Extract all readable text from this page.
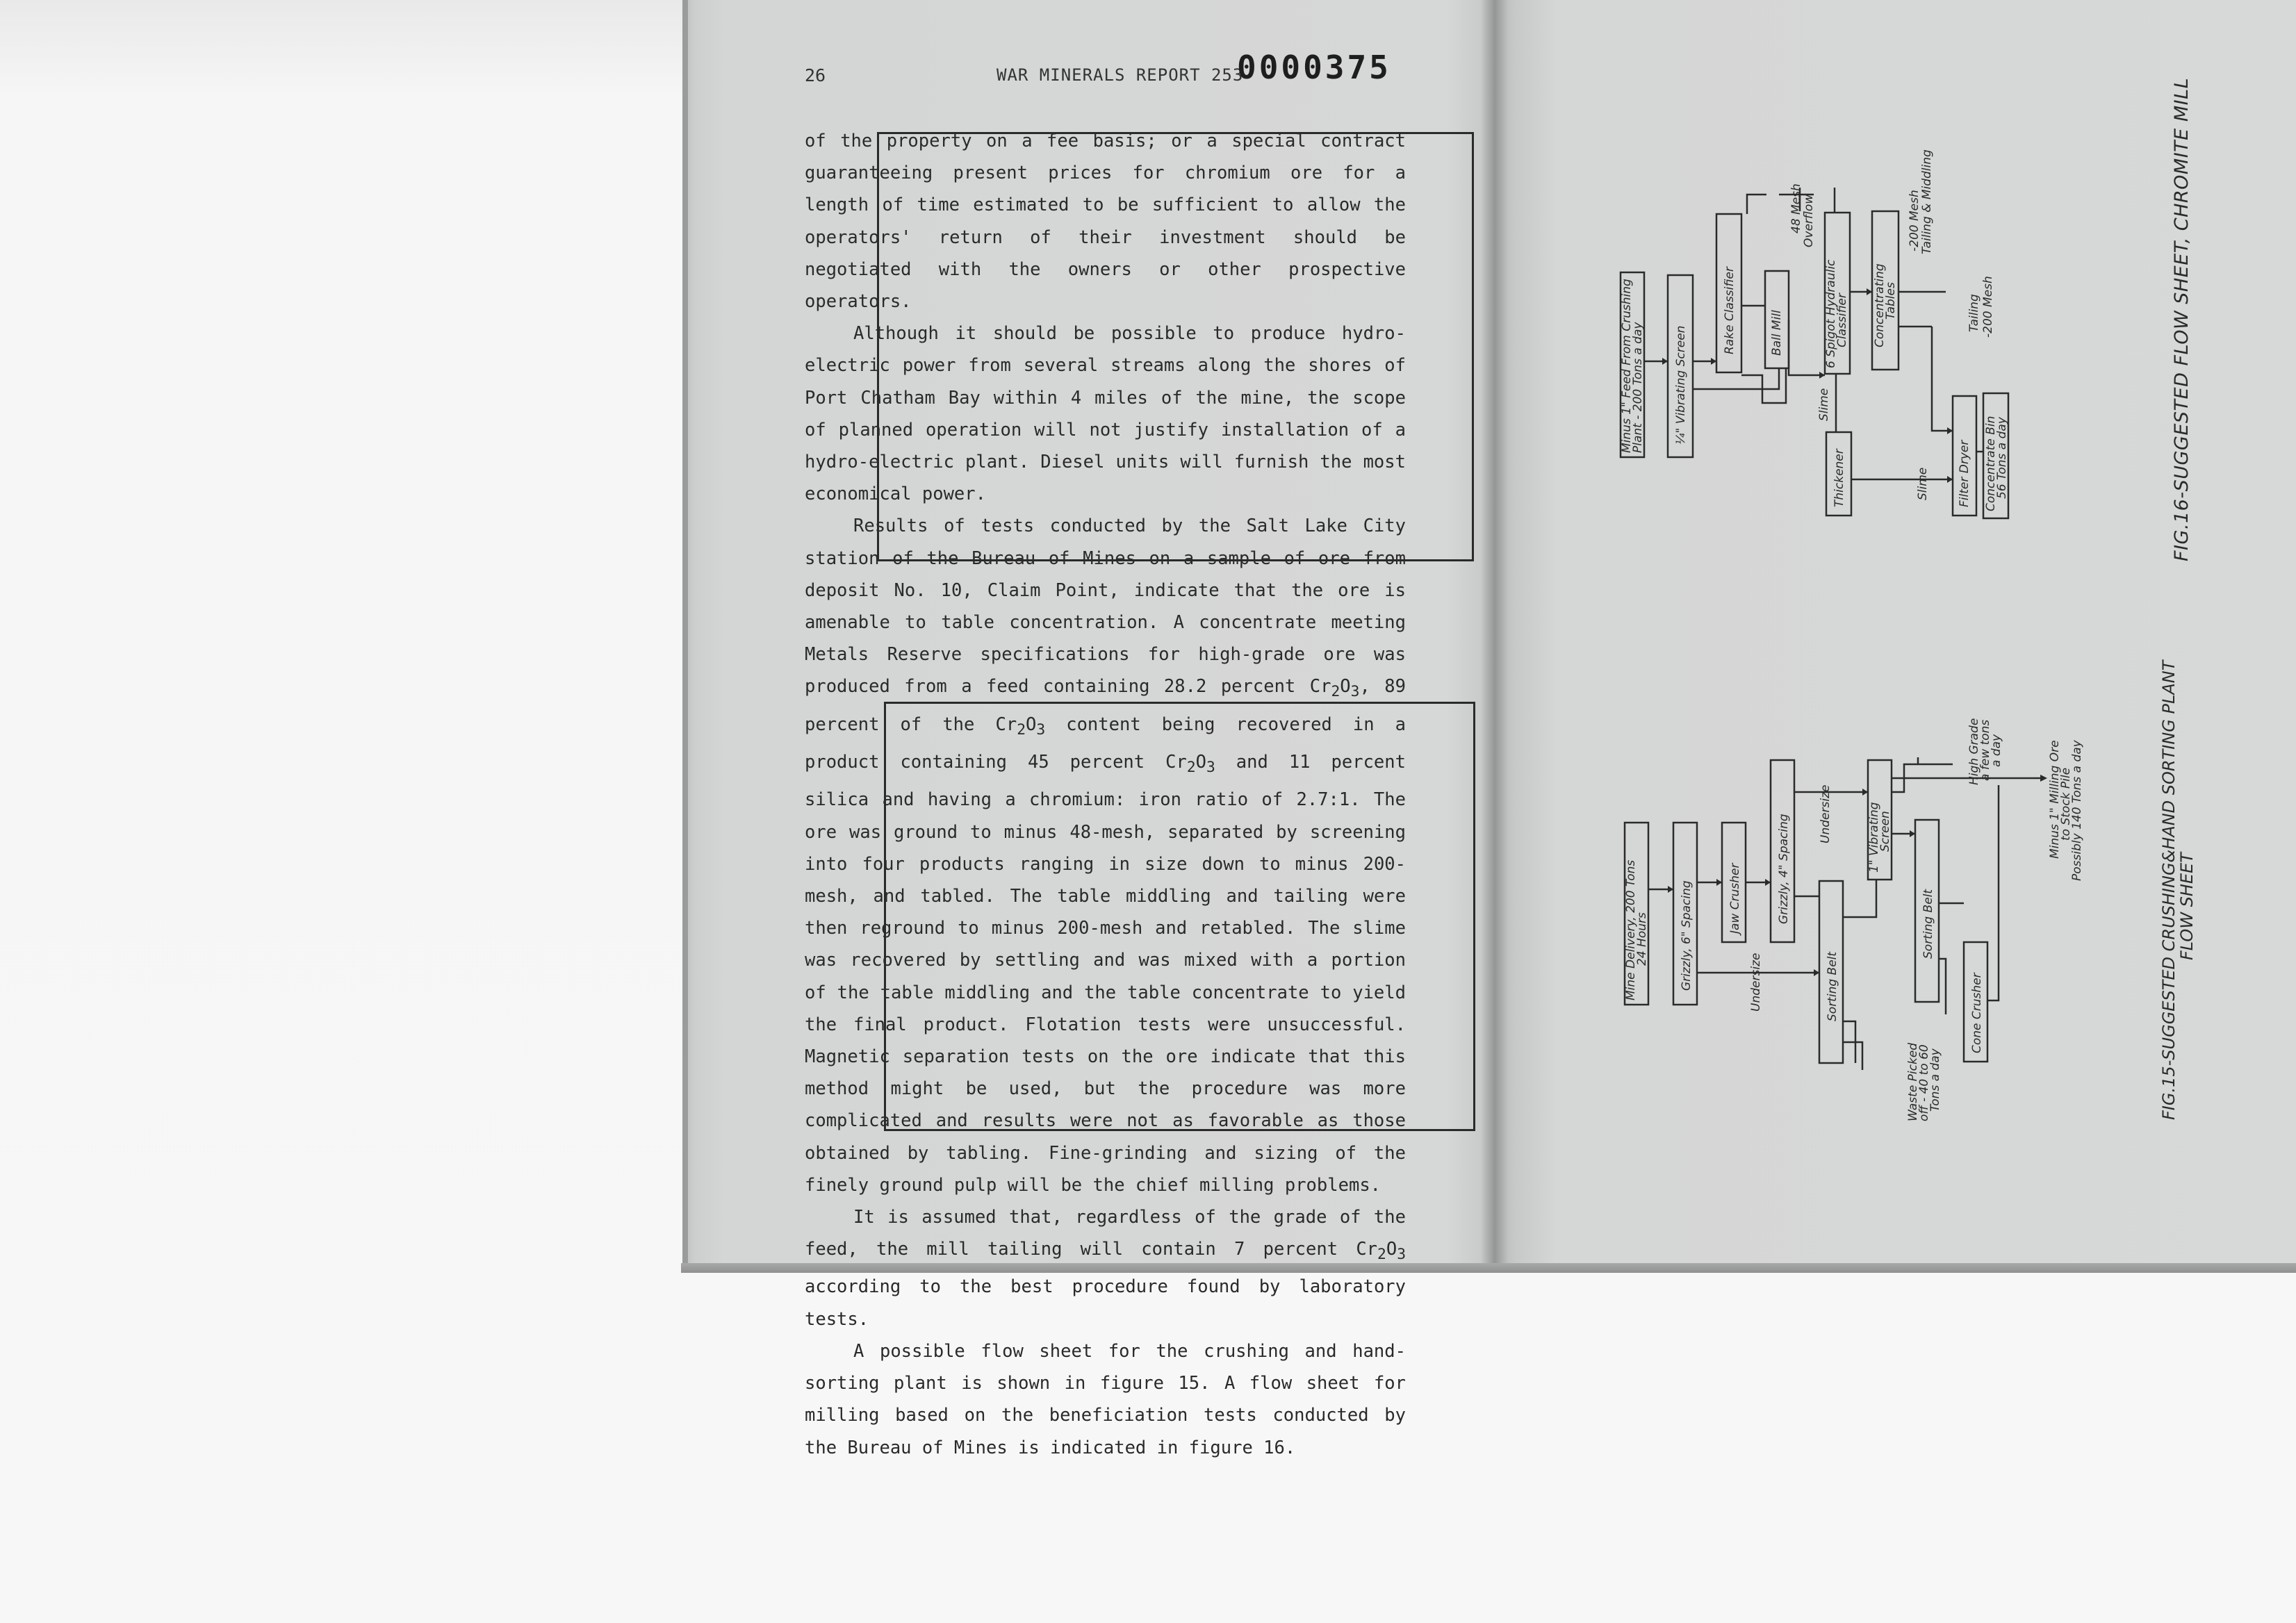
26	WAR MINERALS REPORT 253

of the property on a fee basis; or a special contract guaranteeing present prices for chromium ore for a length of time estimated to be sufficient to allow the operators' return of their investment should be negotiated with the owners or other prospective operators.

Although it should be possible to produce hydro-electric power from several streams along the shores of Port Chatham Bay within 4 miles of the mine, the scope of planned operation will not justify installation of a hydro-electric plant. Diesel units will furnish the most economical power.

Results of tests conducted by the Salt Lake City station of the Bureau of Mines on a sample of ore from deposit No. 10, Claim Point, indicate that the ore is amenable to table concentration. A concentrate meeting Metals Reserve specifications for high-grade ore was produced from a feed containing 28.2 percent $Cr_2O_3$, 89 percent of the $Cr_2O_3$ content being recovered in a product containing 45 percent $Cr_2O_3$ and 11 percent silica and having a chromium: iron ratio of 2.7:1. The ore was ground to minus 48-mesh, separated by screening into four products ranging in size down to minus 200-mesh, and tabled. The table middling and tailing were then reground to minus 200-mesh and retabled. The slime was recovered by settling and was mixed with a portion of the table middling and the table concentrate to yield the final product. Flotation tests were unsuccessful. Magnetic separation tests on the ore indicate that this method might be used, but the procedure was more complicated and results were not as favorable as those obtained by tabling. Fine-grinding and sizing of the finely ground pulp will be the chief milling problems.

It is assumed that, regardless of the grade of the feed, the mill tailing will contain 7 percent $Cr_2O_3$ according to the best procedure found by laboratory tests.

A possible flow sheet for the crushing and hand-sorting plant is shown in figure 15. A flow sheet for milling based on the beneficiation tests conducted by the Bureau of Mines is indicated in figure 16.

0000375
Minus 1" Feed From Crushing
Plant - 200 Tons a day ¼" Vibrating Screen
Rake Classifier	Ball Mill
48 Mesh
Overflow
6 Spigot Hydraulic
Classifier Concentrating
Tables
-200 Mesh
Tailing & Middling
Tailing -200 Mesh
Slime
Slime
Thickener	Filter Dryer Concentrate Bin
56 Tons a day	FIG.16-SUGGESTED FLOW SHEET, CHROMITE MILL
Mine Delivery, 200 Tons
24 Hours	Grizzly, 6" Spacing	Jaw Crusher	Grizzly, 4" Spacing Undersize
Undersize	Sorting Belt
1" Vibrating
Screen
Sorting Belt
Cone Crusher
High Grade
a few tons
a day	Minus 1" Milling Ore
to Stock Pile
Possibly 140 Tons a day
Waste Picked
off - 40 to 60
Tons a day	FIG.15-SUGGESTED CRUSHING&HAND SORTING PLANT
FLOW SHEET
